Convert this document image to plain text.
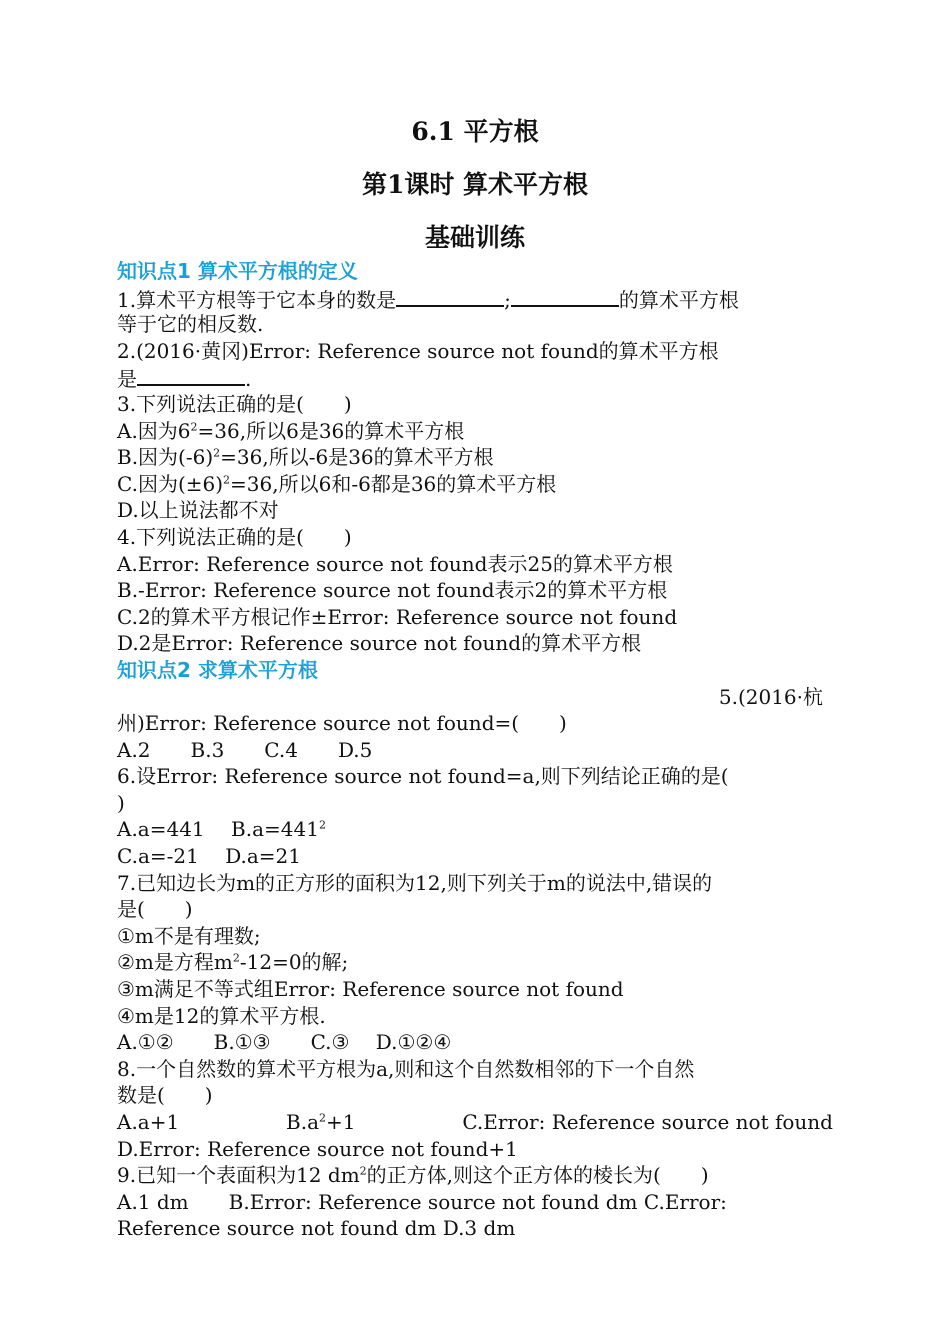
6.1 平方根
第1课时 算术平方根
基础训练
知识点1 算术平方根的定义
1.算术平方根等于它本身的数是	;	的算术平方根
等于它的相反数.
2.(2016·黄冈)Error: Reference source not found的算术平方根
是	.
3.下列说法正确的是(　　)
A.因为$6^2=36$,所以6是36的算术平方根
B.因为$(-6)^2=36$,所以-6是36的算术平方根
C.因为$(\pm 6)^2=36$,所以6和-6都是36的算术平方根
D.以上说法都不对
4.下列说法正确的是(　　)
A.Error: Reference source not found表示25的算术平方根
B.-Error: Reference source not found表示2的算术平方根
C.2的算术平方根记作±Error: Reference source not found
D.2是Error: Reference source not found的算术平方根
知识点2 求算术平方根
5.(2016·杭
州)Error: Reference source not found=(　　)
A.2　　B.3　　C.4　　D.5
6.设Error: Reference source not found=a,则下列结论正确的是(
)
A.a=441　 $B.a=441^2$
C.a=-21　 D.a=21
7.已知边长为m的正方形的面积为12,则下列关于m的说法中,错误的
是(　　)
①m不是有理数;
②m是方程$m^2-12=0$的解;
③m满足不等式组Error: Reference source not found
④m是12的算术平方根.
A.①②　　B.①③　　C.③　 D.①②④
8.一个自然数的算术平方根为a,则和这个自然数相邻的下一个自然
数是(　　)
A.a+1	$B.a^2+1$	C.Error: Reference source not found
D.Error: Reference source not found+1
9.已知一个表面积为12 $dm^2$的正方体,则这个正方体的棱长为(　　)
A.1 dm　　B.Error: Reference source not found dm C.Error:
Reference source not found dm D.3 dm
